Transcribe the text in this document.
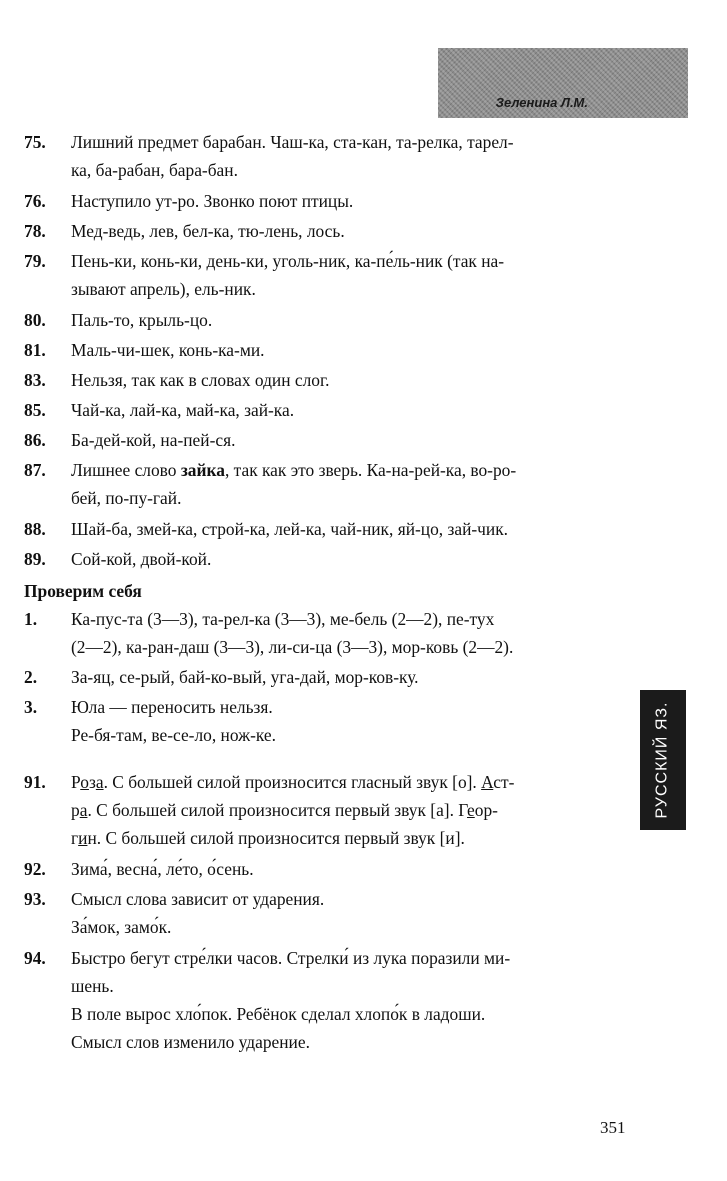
Зеленина Л.М.
75.	Лишний предмет барабан. Чаш-ка, ста-кан, та-релка, тарел-
ка, ба-рабан, бара-бан.
76.	Наступило ут-ро. Звонко поют птицы.
78.	Мед-ведь, лев, бел-ка, тю-лень, лось.
79.	Пень-ки, конь-ки, день-ки, уголь-ник, ка-пе́ль-ник (так на-
зывают апрель), ель-ник.
80.	Паль-то, крыль-цо.
81.	Маль-чи-шек, конь-ка-ми.
83.	Нельзя, так как в словах один слог.
85.	Чай-ка, лай-ка, май-ка, зай-ка.
86.	Ба-дей-кой, на-пей-ся.
87.	Лишнее слово зайка, так как это зверь. Ка-на-рей-ка, во-ро-
бей, по-пу-гай.
88.	Шай-ба, змей-ка, строй-ка, лей-ка, чай-ник, яй-цо, зай-чик.
89.	Сой-кой, двой-кой.
Проверим себя
1.	Ка-пус-та (3—3), та-рел-ка (3—3), ме-бель (2—2), пе-тух
(2—2), ка-ран-даш (3—3), ли-си-ца (3—3), мор-ковь (2—2).
2.	За-яц, се-рый, бай-ко-вый, уга-дай, мор-ков-ку.
3.	Юла — переносить нельзя.
Ре-бя-там, ве-се-ло, нож-ке.
91.	Роза. С большей силой произносится гласный звук [о]. Аст-
ра. С большей силой произносится первый звук [а]. Геор-
гин. С большей силой произносится первый звук [и].
92.	Зима́, весна́, ле́то, о́сень.
93.	Смысл слова зависит от ударения.
За́мок, замо́к.
94.	Быстро бегут стре́лки часов. Стрелки́ из лука поразили ми-
шень.
В поле вырос хло́пок. Ребёнок сделал хлопо́к в ладоши.
Смысл слов изменило ударение.
РУССКИЙ ЯЗ.
351
